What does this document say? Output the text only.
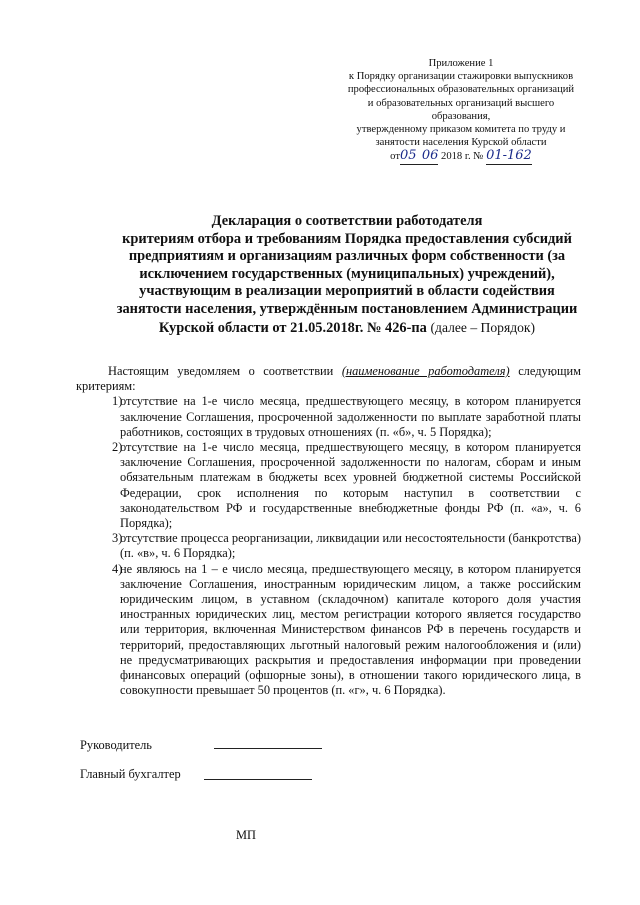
Приложение 1
к Порядку организации стажировки выпускников
профессиональных образовательных организаций
и образовательных организаций высшего
образования,
утвержденному приказом комитета по труду и
занятости населения Курской области
от05 06 2018 г. № 01-162
Декларация о соответствии работодателя
критериям отбора и требованиям Порядка предоставления субсидий
предприятиям и организациям различных форм собственности (за
исключением государственных (муниципальных) учреждений),
участвующим в реализации мероприятий в области содействия
занятости населения, утверждённым постановлением Администрации
Курской области от 21.05.2018г. № 426-па (далее – Порядок)

Настоящим уведомляем о соответствии (наименование работодателя) следующим критериям:

1)
отсутствие на 1-е число месяца, предшествующего месяцу, в котором планируется заключение Соглашения, просроченной задолженности по выплате заработной платы работников, состоящих в трудовых отношениях (п. «б», ч. 5 Порядка);
2)
отсутствие на 1-е число месяца, предшествующего месяцу, в котором планируется заключение Соглашения, просроченной задолженности по налогам, сборам и иным обязательным платежам в бюджеты всех уровней бюджетной системы Российской Федерации, срок исполнения по которым наступил в соответствии с законодательством РФ и государственные внебюджетные фонды РФ (п. «а», ч. 6 Порядка);
3)
отсутствие процесса реорганизации, ликвидации или несостоятельности (банкротства) (п. «в», ч. 6 Порядка);
4)
не являюсь на 1 – е число месяца, предшествующего месяцу, в котором планируется заключение Соглашения, иностранным юридическим лицом, а также российским юридическим лицом, в уставном (складочном) капитале которого доля участия иностранных юридических лиц, местом регистрации которого является государство или территория, включенная Министерством финансов РФ в перечень государств и территорий, предоставляющих льготный налоговый режим налогообложения и (или) не предусматривающих раскрытия и предоставления информации при проведении финансовых операций (офшорные зоны), в отношении такого юридического лица, в совокупности превышает 50 процентов (п. «г», ч. 6 Порядка).
Руководитель
Главный бухгалтер
МП
